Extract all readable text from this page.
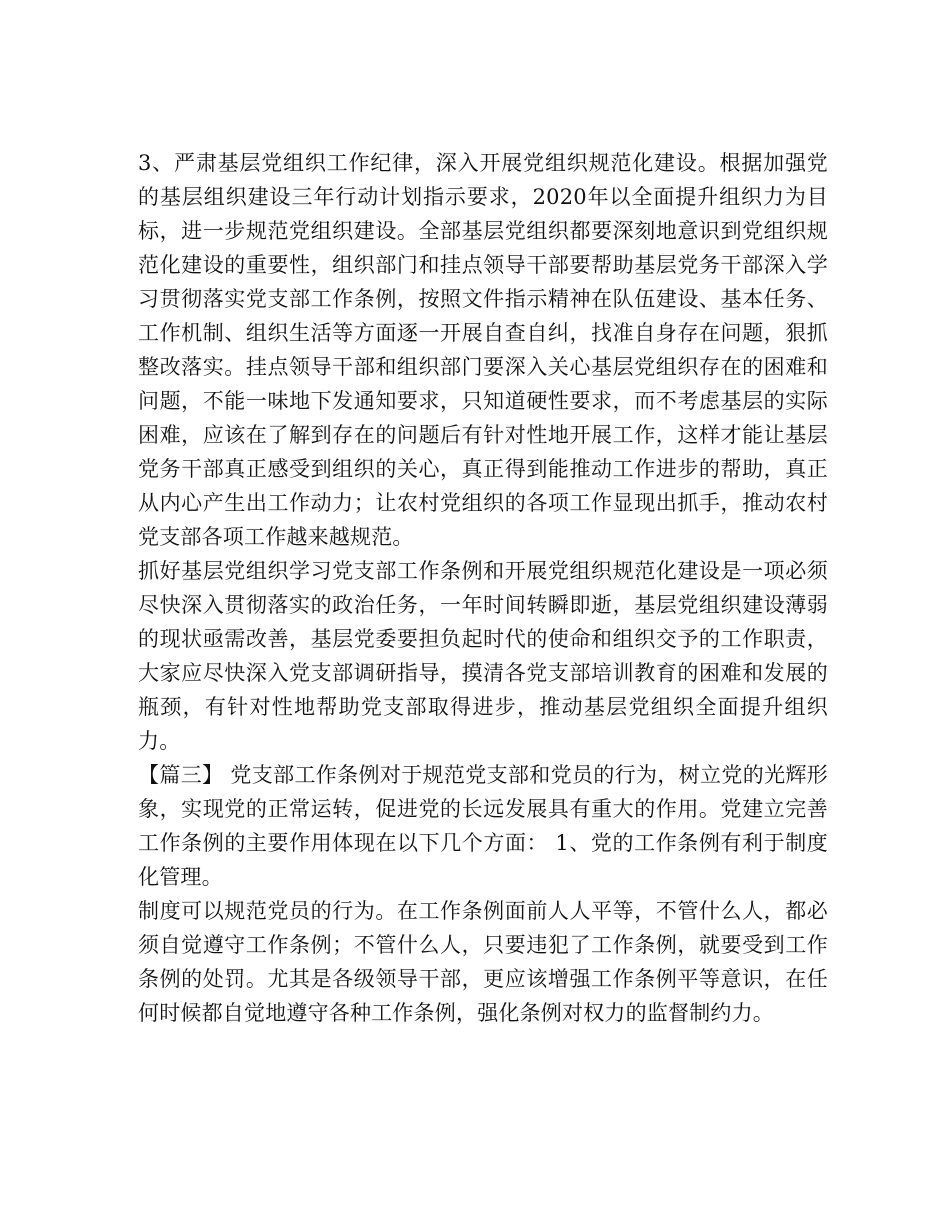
3、严肃基层党组织工作纪律，深入开展党组织规范化建设。根据加强党的基层组织建设三年行动计划指示要求，2020年以全面提升组织力为目标，进一步规范党组织建设。全部基层党组织都要深刻地意识到党组织规范化建设的重要性，组织部门和挂点领导干部要帮助基层党务干部深入学习贯彻落实党支部工作条例，按照文件指示精神在队伍建设、基本任务、工作机制、组织生活等方面逐一开展自查自纠，找准自身存在问题，狠抓整改落实。挂点领导干部和组织部门要深入关心基层党组织存在的困难和问题，不能一味地下发通知要求，只知道硬性要求，而不考虑基层的实际困难，应该在了解到存在的问题后有针对性地开展工作，这样才能让基层党务干部真正感受到组织的关心，真正得到能推动工作进步的帮助，真正从内心产生出工作动力；让农村党组织的各项工作显现出抓手，推动农村党支部各项工作越来越规范。

抓好基层党组织学习党支部工作条例和开展党组织规范化建设是一项必须尽快深入贯彻落实的政治任务，一年时间转瞬即逝，基层党组织建设薄弱的现状亟需改善，基层党委要担负起时代的使命和组织交予的工作职责，大家应尽快深入党支部调研指导，摸清各党支部培训教育的困难和发展的瓶颈，有针对性地帮助党支部取得进步，推动基层党组织全面提升组织力。

【篇三】 党支部工作条例对于规范党支部和党员的行为，树立党的光辉形象，实现党的正常运转，促进党的长远发展具有重大的作用。党建立完善工作条例的主要作用体现在以下几个方面： 1、党的工作条例有利于制度化管理。

制度可以规范党员的行为。在工作条例面前人人平等，不管什么人，都必须自觉遵守工作条例；不管什么人，只要违犯了工作条例，就要受到工作条例的处罚。尤其是各级领导干部，更应该增强工作条例平等意识，在任何时候都自觉地遵守各种工作条例，强化条例对权力的监督制约力。
